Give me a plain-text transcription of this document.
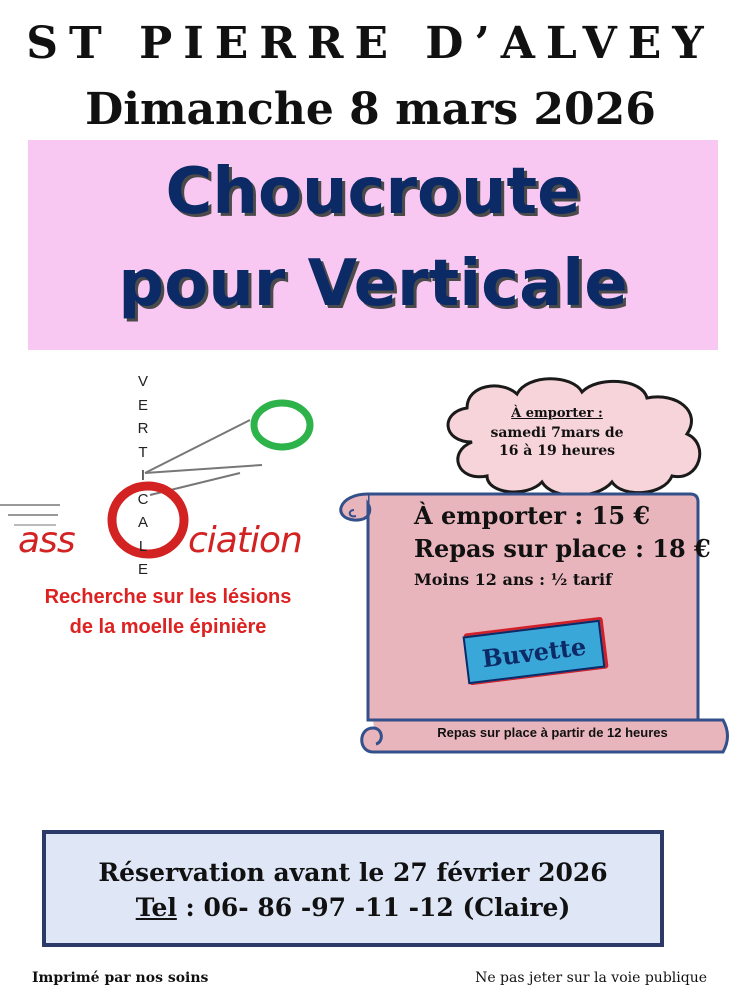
ST PIERRE D’ALVEY
Dimanche 8 mars 2026
Choucroute
pour Verticale
V
E
R
T
I
C
A
L
E
ass	ciation
Recherche sur les lésions
de la moelle épinière
À emporter :
samedi 7mars de
16 à 19 heures
À emporter : 15 €
Repas sur place : 18 €
Moins 12 ans : ½ tarif
Buvette
Repas sur place à partir de 12 heures
Réservation avant le 27 février 2026
Tel : 06- 86 -97 -11 -12 (Claire)
Imprimé par nos soins	Ne pas jeter sur la voie publique
